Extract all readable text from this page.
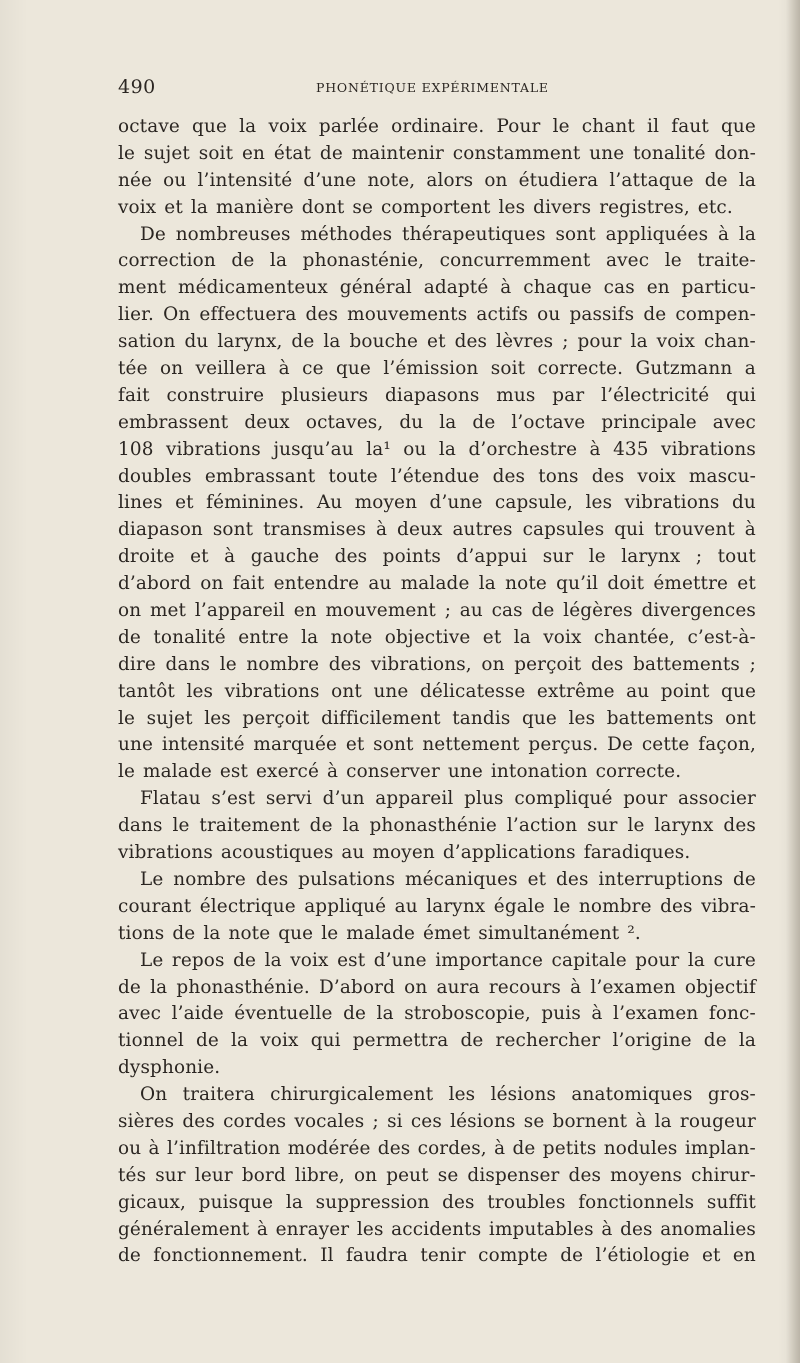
490	PHONÉTIQUE EXPÉRIMENTALE
octave que la voix parlée ordinaire. Pour le chant il faut que
le sujet soit en état de maintenir constamment une tonalité don-
née ou l’intensité d’une note, alors on étudiera l’attaque de la
voix et la manière dont se comportent les divers registres, etc.
De nombreuses méthodes thérapeutiques sont appliquées à la
correction de la phonasténie, concurremment avec le traite-
ment médicamenteux général adapté à chaque cas en particu-
lier. On effectuera des mouvements actifs ou passifs de compen-
sation du larynx, de la bouche et des lèvres ; pour la voix chan-
tée on veillera à ce que l’émission soit correcte. Gutzmann a
fait construire plusieurs diapasons mus par l’électricité qui
embrassent deux octaves, du la de l’octave principale avec
108 vibrations jusqu’au la¹ ou la d’orchestre à 435 vibrations
doubles embrassant toute l’étendue des tons des voix mascu-
lines et féminines. Au moyen d’une capsule, les vibrations du
diapason sont transmises à deux autres capsules qui trouvent à
droite et à gauche des points d’appui sur le larynx ; tout
d’abord on fait entendre au malade la note qu’il doit émettre et
on met l’appareil en mouvement ; au cas de légères divergences
de tonalité entre la note objective et la voix chantée, c’est-à-
dire dans le nombre des vibrations, on perçoit des battements ;
tantôt les vibrations ont une délicatesse extrême au point que
le sujet les perçoit difficilement tandis que les battements ont
une intensité marquée et sont nettement perçus. De cette façon,
le malade est exercé à conserver une intonation correcte.
Flatau s’est servi d’un appareil plus compliqué pour associer
dans le traitement de la phonasthénie l’action sur le larynx des
vibrations acoustiques au moyen d’applications faradiques.
Le nombre des pulsations mécaniques et des interruptions de
courant électrique appliqué au larynx égale le nombre des vibra-
tions de la note que le malade émet simultanément ².
Le repos de la voix est d’une importance capitale pour la cure
de la phonasthénie. D’abord on aura recours à l’examen objectif
avec l’aide éventuelle de la stroboscopie, puis à l’examen fonc-
tionnel de la voix qui permettra de rechercher l’origine de la
dysphonie.
On traitera chirurgicalement les lésions anatomiques gros-
sières des cordes vocales ; si ces lésions se bornent à la rougeur
ou à l’infiltration modérée des cordes, à de petits nodules implan-
tés sur leur bord libre, on peut se dispenser des moyens chirur-
gicaux, puisque la suppression des troubles fonctionnels suffit
généralement à enrayer les accidents imputables à des anomalies
de fonctionnement. Il faudra tenir compte de l’étiologie et en
